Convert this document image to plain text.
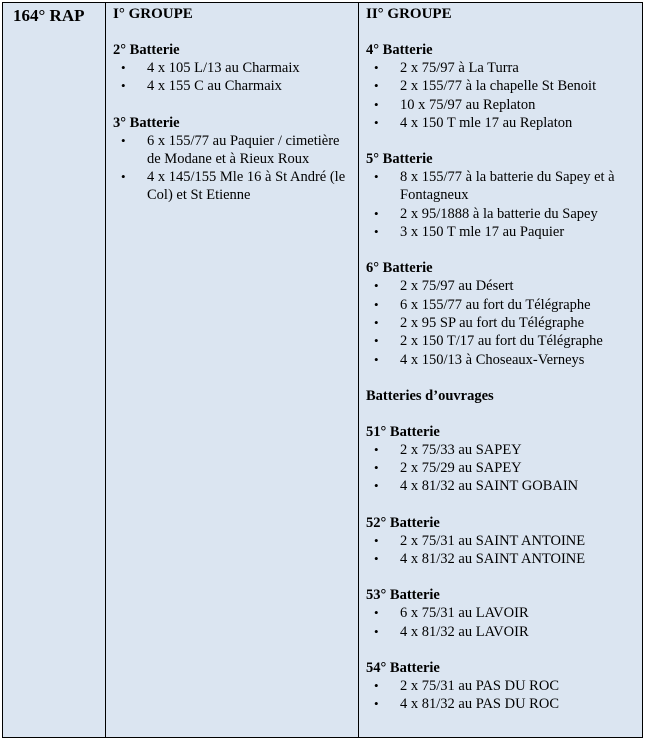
164° RAP	I° GROUPE
2° Batterie
• 4 x 105 L/13 au Charmaix
• 4 x 155 C au Charmaix
3° Batterie
• 6 x 155/77 au Paquier / cimetière de Modane et à Rieux Roux
• 4 x 145/155 Mle 16 à St André (le Col) et St Etienne
II° GROUPE
4° Batterie
• 2 x 75/97 à La Turra
• 2 x 155/77 à la chapelle St Benoit
• 10 x 75/97 au Replaton
• 4 x 150 T mle 17 au Replaton
5° Batterie
• 8 x 155/77 à la batterie du Sapey et à Fontagneux
• 2 x 95/1888 à la batterie du Sapey
• 3 x 150 T mle 17 au Paquier
6° Batterie
• 2 x 75/97 au Désert
• 6 x 155/77 au fort du Télégraphe
• 2 x 95 SP au fort du Télégraphe
• 2 x 150 T/17 au fort du Télégraphe
• 4 x 150/13 à Choseaux-Verneys
Batteries d’ouvrages
51° Batterie
• 2 x 75/33 au SAPEY
• 2 x 75/29 au SAPEY
• 4 x 81/32 au SAINT GOBAIN
52° Batterie
• 2 x 75/31 au SAINT ANTOINE
• 4 x 81/32 au SAINT ANTOINE
53° Batterie
• 6 x 75/31 au LAVOIR
• 4 x 81/32 au LAVOIR
54° Batterie
• 2 x 75/31 au PAS DU ROC
• 4 x 81/32 au PAS DU ROC
